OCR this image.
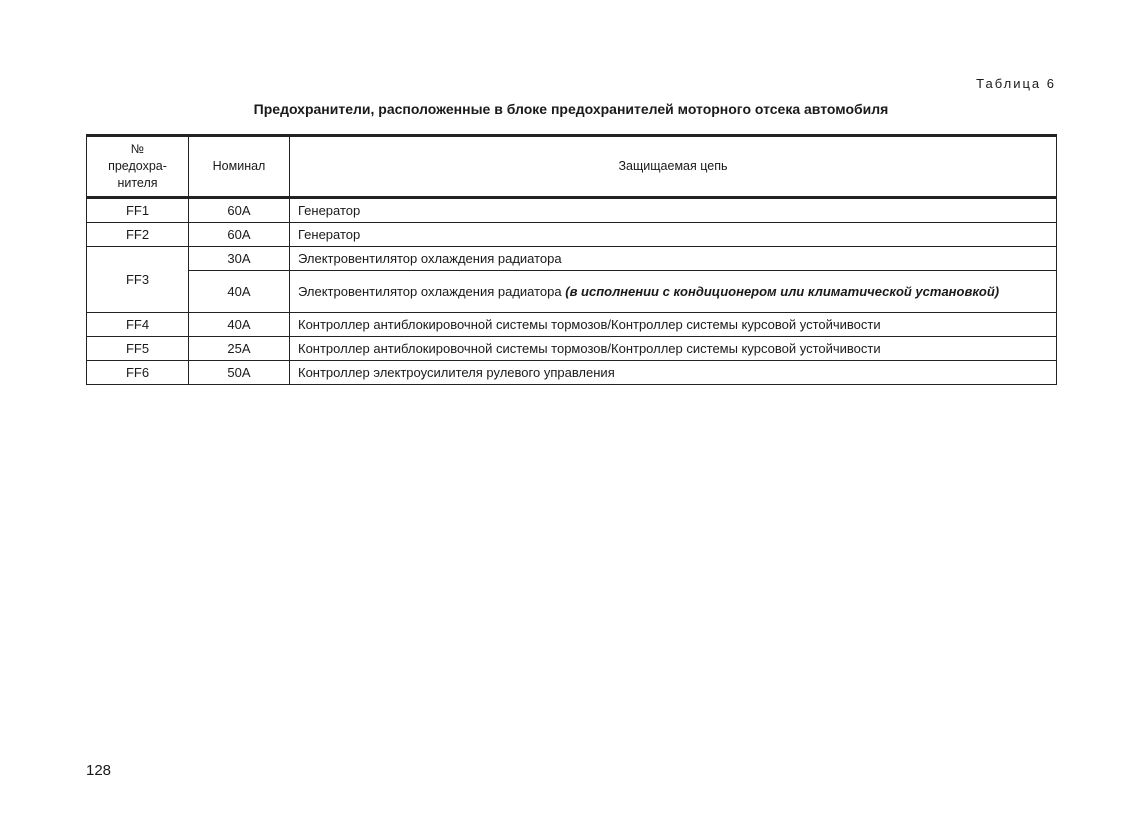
Таблица 6
Предохранители, расположенные в блоке предохранителей моторного отсека автомобиля
№
предохра-
нителя	Номинал	Защищаемая цепь
FF1	60А	Генератор
FF2	60А	Генератор
FF3	30А	Электровентилятор охлаждения радиатора
	40А	Электровентилятор охлаждения радиатора (в исполнении с кондиционером или климатической установкой)
FF4	40А	Контроллер антиблокировочной системы тормозов/Контроллер системы курсовой устойчивости
FF5	25А	Контроллер антиблокировочной системы тормозов/Контроллер системы курсовой устойчивости
FF6	50А	Контроллер электроусилителя рулевого управления
128
